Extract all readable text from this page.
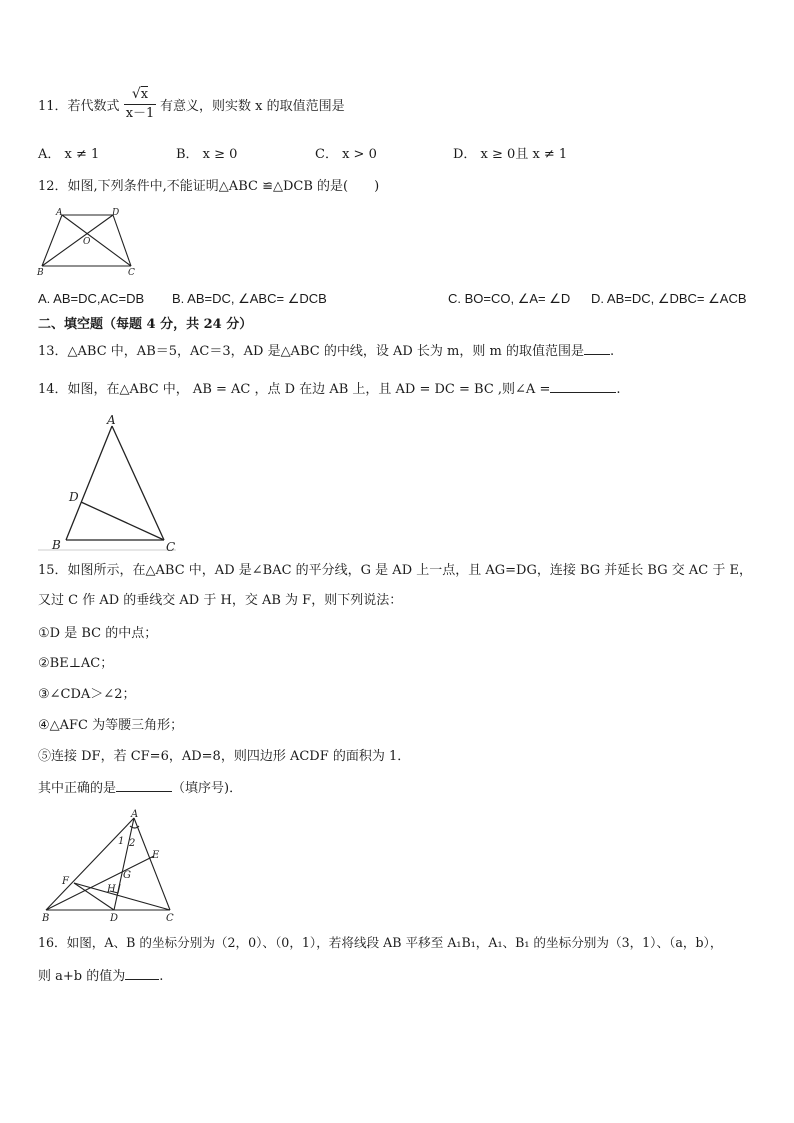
11．若代数式 $\frac{√x}{x-1}$ 有意义，则实数 x 的取值范围是
A． x ≠ 1	B． x ≥ 0	C． x > 0	D． x ≥ 0且 x ≠ 1
12．如图,下列条件中,不能证明△ABC ≌△DCB 的是(　　)
A	D
O
B	C
A. AB=DC,AC=DB B. AB=DC, ∠ABC= ∠DCB	C. BO=CO, ∠A= ∠D D. AB=DC, ∠DBC= ∠ACB
二、填空题（每题 4 分，共 24 分）
13．△ABC 中，AB＝5，AC＝3，AD 是△ABC 的中线，设 AD 长为 m，则 m 的取值范围是 .
14．如图，在△ABC 中， AB = AC ，点 D 在边 AB 上，且 AD = DC = BC ,则∠A =	.
A
D
B	C
15．如图所示，在△ABC 中，AD 是∠BAC 的平分线，G 是 AD 上一点，且 AG=DG，连接 BG 并延长 BG 交 AC 于 E，
又过 C 作 AD 的垂线交 AD 于 H，交 AB 为 F，则下列说法：
①D 是 BC 的中点；
②BE⊥AC；
③∠CDA＞∠2；
④△AFC 为等腰三角形；
⑤连接 DF，若 CF=6，AD=8，则四边形 ACDF 的面积为 1．
其中正确的是	（填序号)．
A
1 2
E
F
G
H
B	D	C
16．如图，A、B 的坐标分别为（2，0）、（0，1），若将线段 AB 平移至 A₁B₁，A₁、B₁ 的坐标分别为（3，1）、（a，b），
则 a+b 的值为	.
